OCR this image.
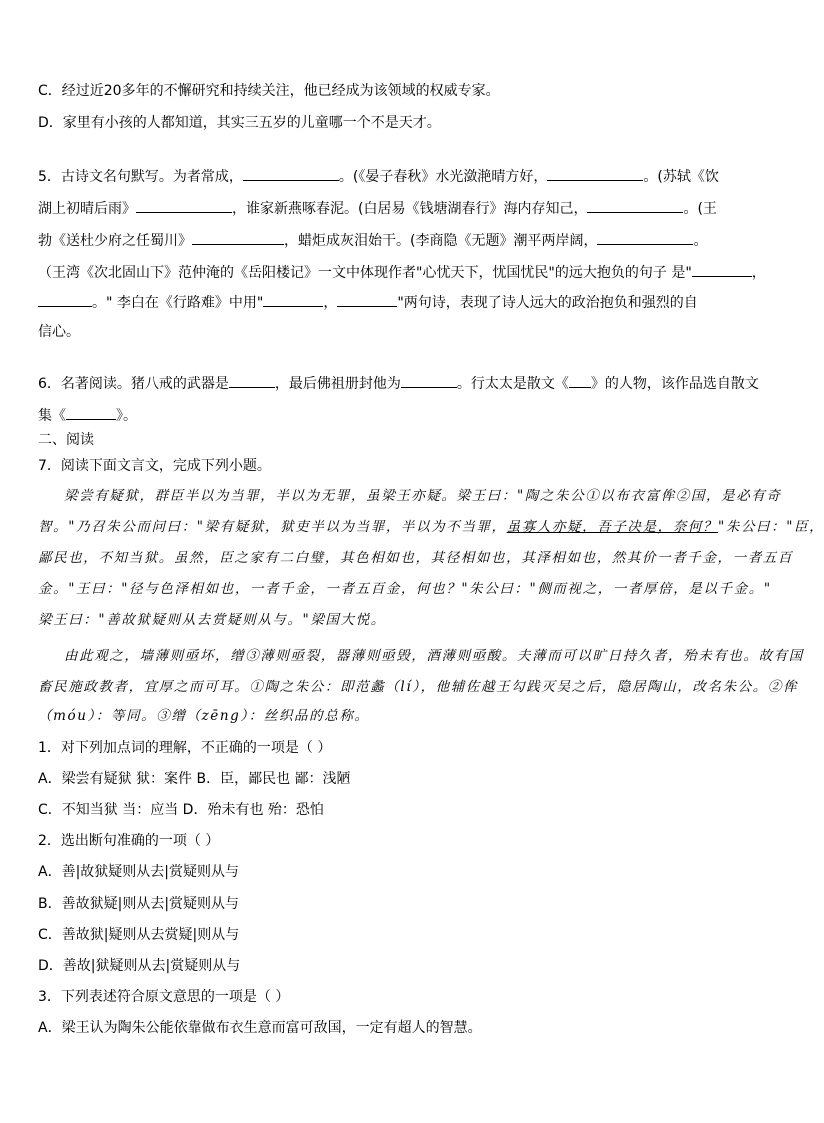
C．经过近20多年的不懈研究和持续关注，他已经成为该领域的权威专家。
D．家里有小孩的人都知道，其实三五岁的儿童哪一个不是天才。
5．古诗文名句默写。为者常成，	。(《晏子春秋》水光潋滟晴方好，	。(苏轼《饮
湖上初晴后雨》	，谁家新燕啄春泥。(白居易《钱塘湖春行》海内存知己，	。(王
勃《送杜少府之任蜀川》	，蜡炬成灰泪始干。(李商隐《无题》潮平两岸阔，	。
（王湾《次北固山下》范仲淹的《岳阳楼记》一文中体现作者"心忧天下，忧国忧民"的远大抱负的句子 是"	，
。" 李白在《行路难》中用"	，	"两句诗，表现了诗人远大的政治抱负和强烈的自
信心。
6．名著阅读。猪八戒的武器是	，最后佛祖册封他为	。行太太是散文《 》的人物，该作品选自散文
集《	》。
二、阅读
7．阅读下面文言文，完成下列小题。
梁尝有疑狱，群臣半以为当罪，半以为无罪，虽梁王亦疑。梁王曰："陶之朱公①以布衣富侔②国，是必有奇
智。"乃召朱公而问曰："梁有疑狱，狱吏半以为当罪，半以为不当罪，虽寡人亦疑，吾子决是，奈何？"朱公曰："臣，
鄙民也，不知当狱。虽然，臣之家有二白璧，其色相如也，其径相如也，其泽相如也，然其价一者千金，一者五百
金。"王曰："径与色泽相如也，一者千金，一者五百金，何也？"朱公曰："侧而视之，一者厚倍，是以千金。"
梁王曰："善故狱疑则从去赏疑则从与。"梁国大悦。
由此观之，墙薄则亟坏，缯③薄则亟裂，器薄则亟毁，酒薄则亟酸。夫薄而可以旷日持久者，殆未有也。故有国
畜民施政教者，宜厚之而可耳。①陶之朱公：即范蠡（lí），他辅佐越王勾践灭吴之后，隐居陶山，改名朱公。②侔
（móu）：等同。③缯（zēng）：丝织品的总称。
1．对下列加点词的理解，不正确的一项是（ ）
A．梁尝有疑狱 狱：案件 B．臣，鄙民也 鄙：浅陋
C．不知当狱 当：应当 D．殆未有也 殆：恐怕
2．选出断句准确的一项（ ）
A．善|故狱疑则从去|赏疑则从与
B．善故狱疑|则从去|赏疑则从与
C．善故狱|疑则从去赏疑|则从与
D．善故|狱疑则从去|赏疑则从与
3．下列表述符合原文意思的一项是（ ）
A．梁王认为陶朱公能依靠做布衣生意而富可敌国，一定有超人的智慧。
